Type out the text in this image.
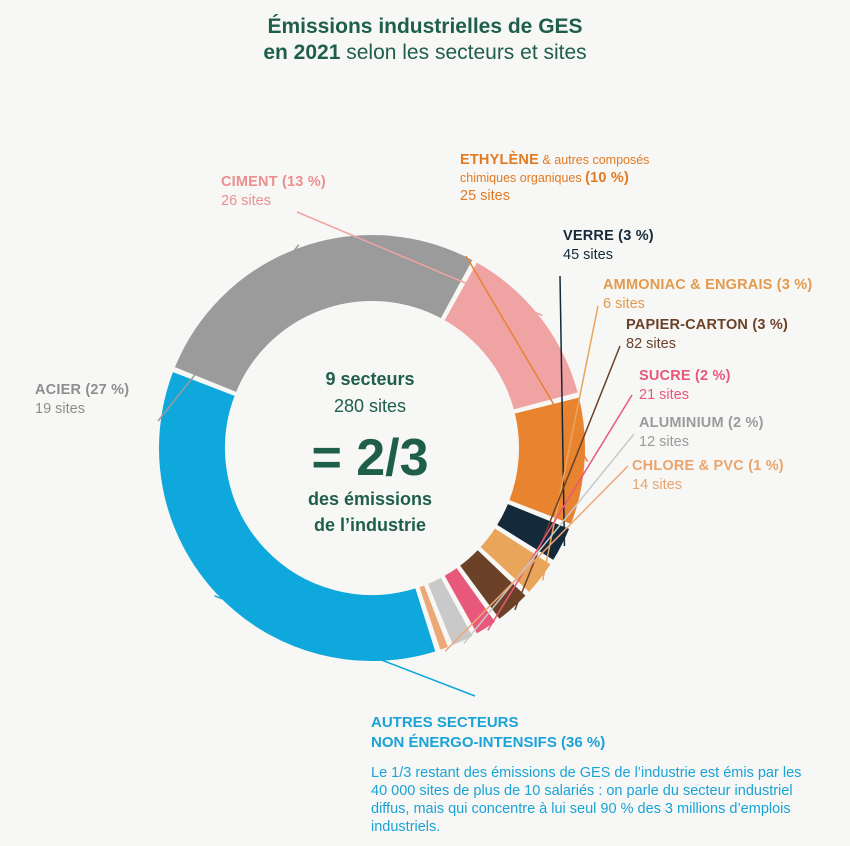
Émissions industrielles de GES
en 2021 selon les secteurs et sites
9 secteurs
280 sites
= 2/3
des émissions
de l’industrie
ACIER (27 %)
19 sites
CIMENT (13 %)
26 sites
ETHYLÈNE & autres composés
chimiques organiques (10 %)
25 sites
VERRE (3 %)
45 sites
AMMONIAC & ENGRAIS (3 %)
6 sites
PAPIER-CARTON (3 %)
82 sites
SUCRE (2 %)
21 sites
ALUMINIUM (2 %)
12 sites
CHLORE & PVC (1 %)
14 sites
AUTRES SECTEURS
NON ÉNERGO-INTENSIFS (36 %)
Le 1/3 restant des émissions de GES de l’industrie est émis par les 40 000 sites de plus de 10 salariés : on parle du secteur industriel diffus, mais qui concentre à lui seul 90 % des 3 millions d’emplois industriels.
